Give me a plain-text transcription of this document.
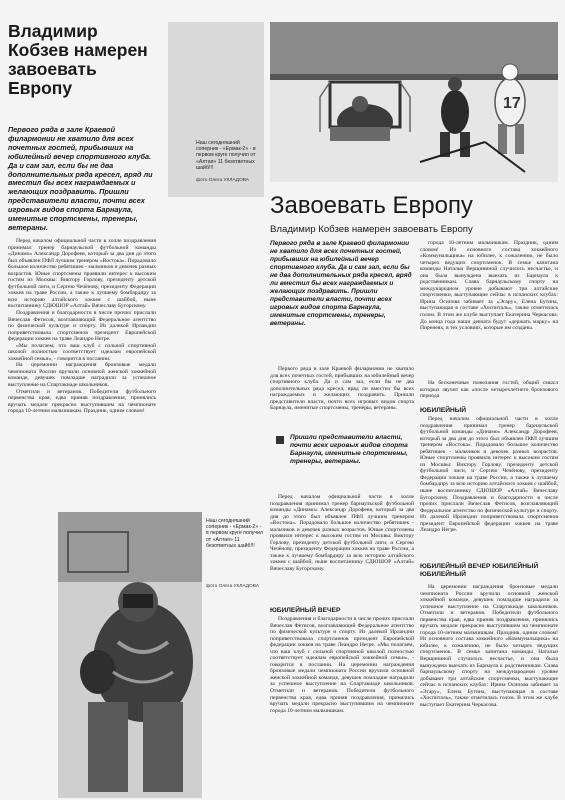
Владимир Кобзев намерен завоевать Европу
Первого ряда в зале Краевой филармонии не хватило для всех почетных гостей, прибывших на юбилейный вечер спортивного клуба. Да и сам зал, если бы не два дополнительных ряда кресел, вряд ли вместил бы всех награждаемых и желающих поздравить. Пришли представители власти, почти всех игровых видов спорта Барнаула, именитые спортсмены, тренеры, ветераны.

Перед началом официальной части в холле поздравления принимал тренер барнаульской футбольной команды «Динамо» Александр Дорофеев, который за два дня до этого был объявлен ПФЛ лучшим тренером «Востока». Порадовало большое количество ребятишек - мальчиков и девочек разных возрастов. Юные спортсмены проявили интерес к высоким гостям из Москвы: Виктору Горлову, президенту детской футбольной лиги, и Сергею Чечёнову, президенту Федерации хоккея на траве России, а также к лучшему бомбардиру за всю историю алтайского хоккея с шайбой, ныне воспитаннику СДЮШОР «Алтай» Вячеславу Бугорскому.

Поздравления и благодарности в числе прочих прислали Вячеслав Фетисов, возглавляющий Федеральное агентство по физической культуре и спорту. Из далекой Ирландии поприветствовала спортсменов президент Европейской федерации хоккея на траве Леандро Негре.

«Мы полагаем, что ваш клуб с сильной спортивной школой полностью соответствует идеалам европейской хоккейной семьи», - говорится в послании.

На церемонии награждения бронзовые медали чемпионата России вручили основной женской хоккейной команде, девушек помладше наградили за успешное выступление на Спартакиаде школьников.

Отметили и ветеранов. Победители футбольного первенства края, едва приняв поздравления, принялись вручать медали прекрасно выступившим на чемпионате города 10-летним мальчишкам. Праздник, одним словом!

Наш сегодняшний соперник - «Ермак-2» - в первом круге получил от «Алтая» 11 безответных шайб!!!
фото Олега УКЛАДОВА
17
Завоевать Европу
Владимир Кобзев намерен завоевать Европу
Первого ряда в зале Краевой филармонии не хватило для всех почетных гостей, прибывших на юбилейный вечер спортивного клуба. Да и сам зал, если бы не два дополнительных ряда кресел, вряд ли вместил бы всех награждаемых и желающих поздравить. Пришли представители власти, почти всех игровых видов спорта Барнаула, именитые спортсмены, тренеры, ветераны.

Первого ряда в зале Краевой филармонии не хватило для всех почетных гостей, прибывших на юбилейный вечер спортивного клуба. Да и сам зал, если бы не два дополнительных ряда кресел, вряд ли вместил бы всех награждаемых и желающих поздравить. Пришли представители власти, почти всех игровых видов спорта Барнаула, именитые спортсмены, тренеры, ветераны.

Пришли представители власти, почти всех игровых видов спорта Барнаула, именитые спортсмены, тренеры, ветераны.

Перед началом официальной части в холле поздравления принимал тренер барнаульской футбольной команды «Динамо» Александр Дорофеев, который за два дня до этого был объявлен ПФЛ лучшим тренером «Востока». Порадовало большое количество ребятишек - мальчиков и девочек разных возрастов. Юные спортсмены проявили интерес к высоким гостям из Москвы: Виктору Горлову, президенту детской футбольной лиги, и Сергею Чечёнову, президенту Федерации хоккея на траве России, а также к лучшему бомбардиру за всю историю алтайского хоккея с шайбой, ныне воспитаннику СДЮШОР «Алтай» Вячеславу Бугорскому.

ЮБИЛЕЙНЫЙ ВЕЧЕР

Поздравления и благодарности в числе прочих прислали Вячеслав Фетисов, возглавляющий Федеральное агентство по физической культуре и спорту. Из далекой Ирландии поприветствовала спортсменов президент Европейской федерации хоккея на траве Леандро Негре. «Мы полагаем, что ваш клуб с сильной спортивной школой полностью соответствует идеалам европейской хоккейной семьи», - говорится в послании. На церемонии награждения бронзовые медали чемпионата России вручили основной женской хоккейной команде, девушек помладше наградили за успешное выступление на Спартакиаде школьников. Отметили и ветеранов. Победители футбольного первенства края, едва приняв поздравления, принялись вручать медали прекрасно выступившим на чемпионате города 10-летним мальчишкам.

города 10-летним мальчишкам. Праздник, одним словом! Из основного состава хоккейного «Коммунальщика» на юбилее, к сожалению, не было четырех ведущих спортсменок. В семье капитана команды Натальи Верщининой случилось несчастье, и она была вынуждена выехать из Барнаула к родственникам. Слава барнаульскому спорту на международном уровне добывают три алтайские спортсменки, выступающие сейчас в испанских клубах: Ирина Осипова забивает за «Эгару», Елена Бутина, выступающая в составе «Хоспиталь», также отметилась голом. В этом же клубе выступает Екатерина Черкасова. До конца года наши девчата будут «держать марку» на Пиренеях, в тех условиях, которые им созданы.

На бесконечные пожелания гостей, общий смысл которых звучит как «после четырехлетнего бронзового периода

ЮБИЛЕЙНЫЙ

Перед началом официальной части в холле поздравления принимал тренер барнаульской футбольной команды «Динамо» Александр Дорофеев, который за два дня до этого был объявлен ПФЛ лучшим тренером «Востока». Порадовало большое количество ребятишек - мальчиков и девочек разных возрастов. Юные спортсмены проявили интерес к высоким гостям из Москвы: Виктору Горлову, президенту детской футбольной лиги, и Сергею Чечёнову, президенту Федерации хоккея на траве России, а также к лучшему бомбардиру за всю историю алтайского хоккея с шайбой, ныне воспитаннику СДЮШОР «Алтай» Вячеславу Бугорскому. Поздравления и благодарности в числе прочих прислали Вячеслав Фетисов, возглавляющий Федеральное агентство по физической культуре и спорту. Из далекой Ирландии поприветствовала спортсменов президент Европейской федерации хоккея на траве Леандро Негре.

ЮБИЛЕЙНЫЙ ВЕЧЕР ЮБИЛЕЙНЫЙ ЮБИЛЕЙНЫЙ

На церемонии награждения бронзовые медали чемпионата России вручили основной женской хоккейной команде, девушек помладше наградили за успешное выступление на Спартакиаде школьников. Отметили и ветеранов. Победители футбольного первенства края, едва приняв поздравления, принялись вручать медали прекрасно выступившим на чемпионате города 10-летним мальчишкам. Праздник, одним словом! Из основного состава хоккейного «Коммунальщика» на юбилее, к сожалению, не было четырех ведущих спортсменок. В семье капитана команды Натальи Верщининой случилось несчастье, и она была вынуждена выехать из Барнаула к родственникам. Слава барнаульскому спорту на международном уровне добывают три алтайские спортсменки, выступающие сейчас в испанских клубах: Ирина Осипова забивает за «Эгару», Елена Бутина, выступающая в составе «Хоспиталь», также отметилась голом. В этом же клубе выступает Екатерина Черкасова.

Наш сегодняшний соперник - «Ермак-2» - в первом круге получил от «Алтая» 11 безответных шайб!!!
фото Олега УКЛАДОВА
